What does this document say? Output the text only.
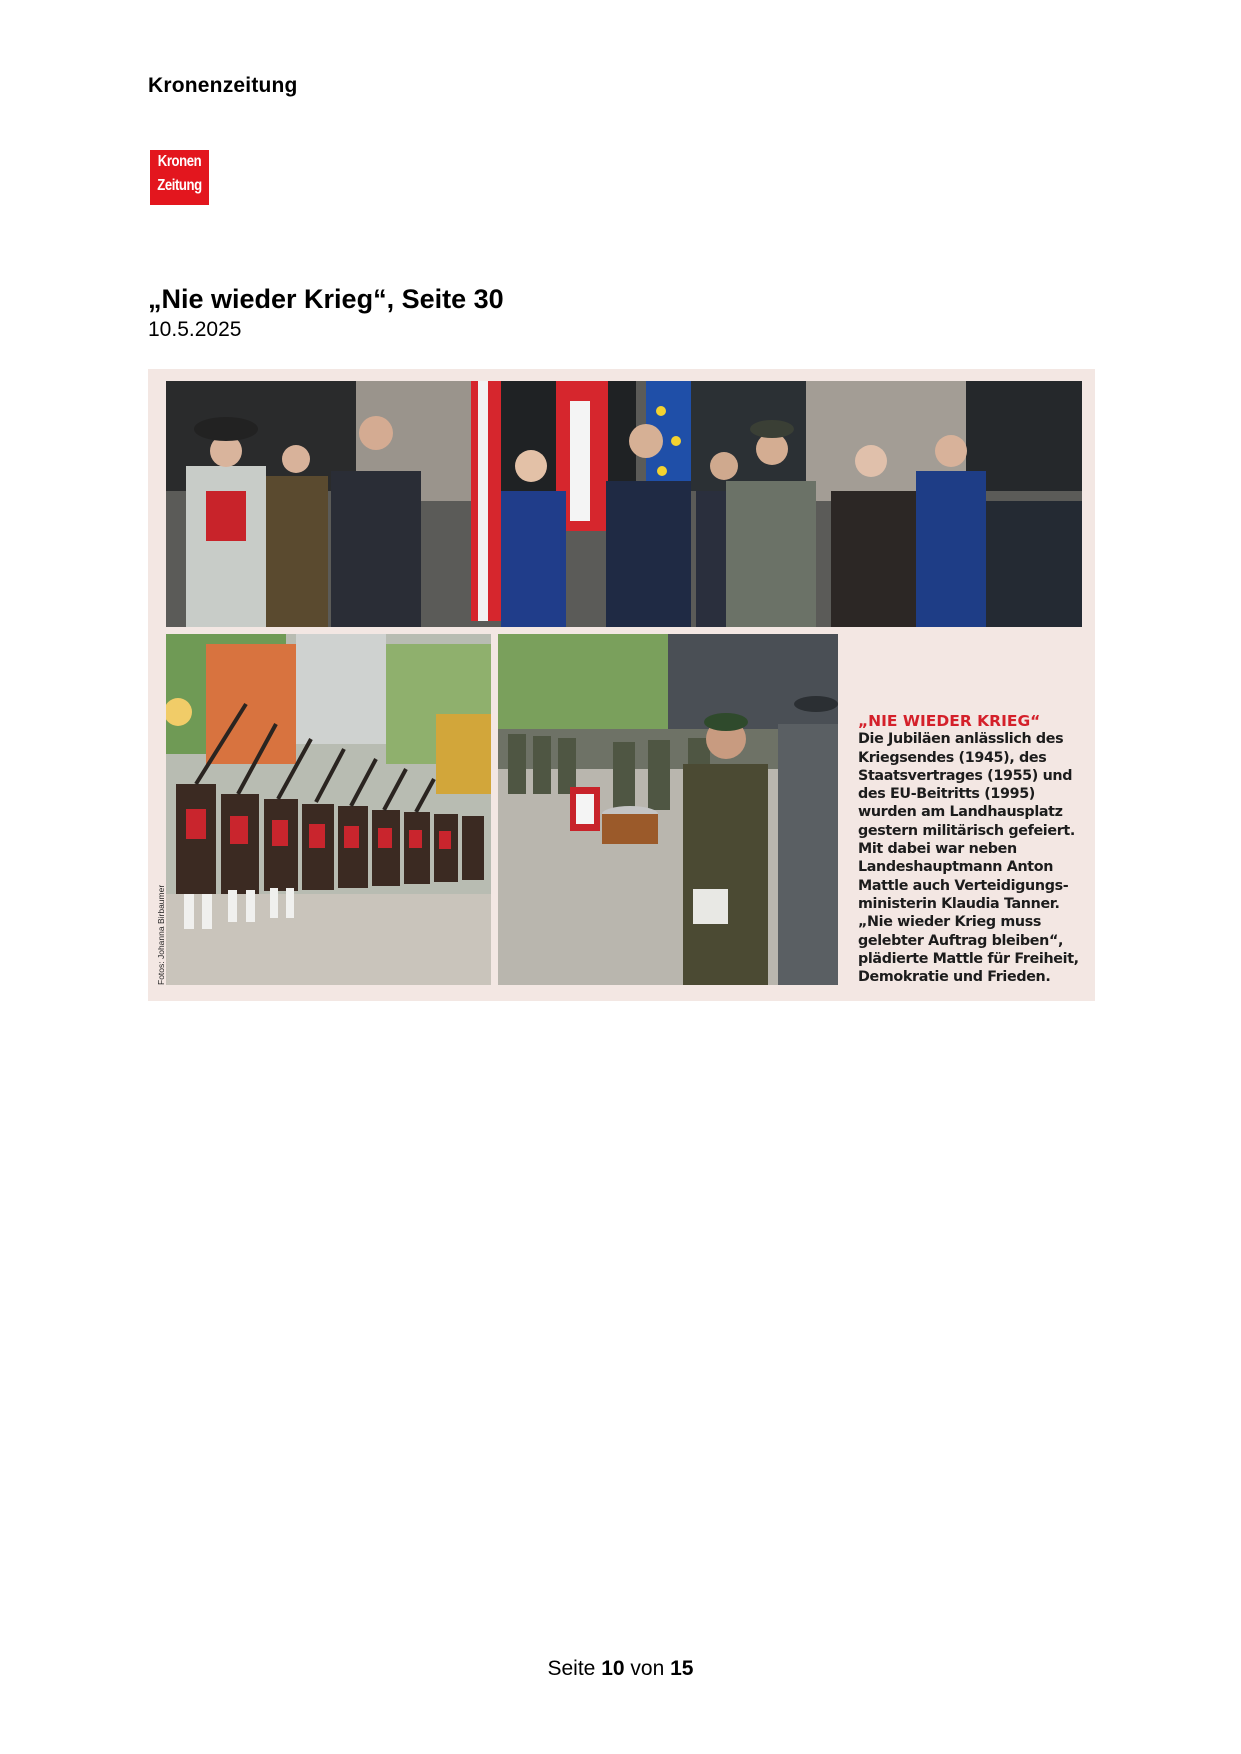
Kronenzeitung
Kronen
Zeitung
„Nie wieder Krieg“, Seite 30
10.5.2025
Fotos: Johanna Birbaumer
„NIE WIEDER KRIEG“
Die Jubiläen anlässlich des
Kriegsendes (1945), des
Staatsvertrages (1955) und
des EU-Beitritts (1995)
wurden am Landhausplatz
gestern militärisch gefeiert.
Mit dabei war neben
Landeshauptmann Anton
Mattle auch Verteidigungs-
ministerin Klaudia Tanner.
„Nie wieder Krieg muss
gelebter Auftrag bleiben“,
plädierte Mattle für Freiheit,
Demokratie und Frieden.
Seite 10 von 15
